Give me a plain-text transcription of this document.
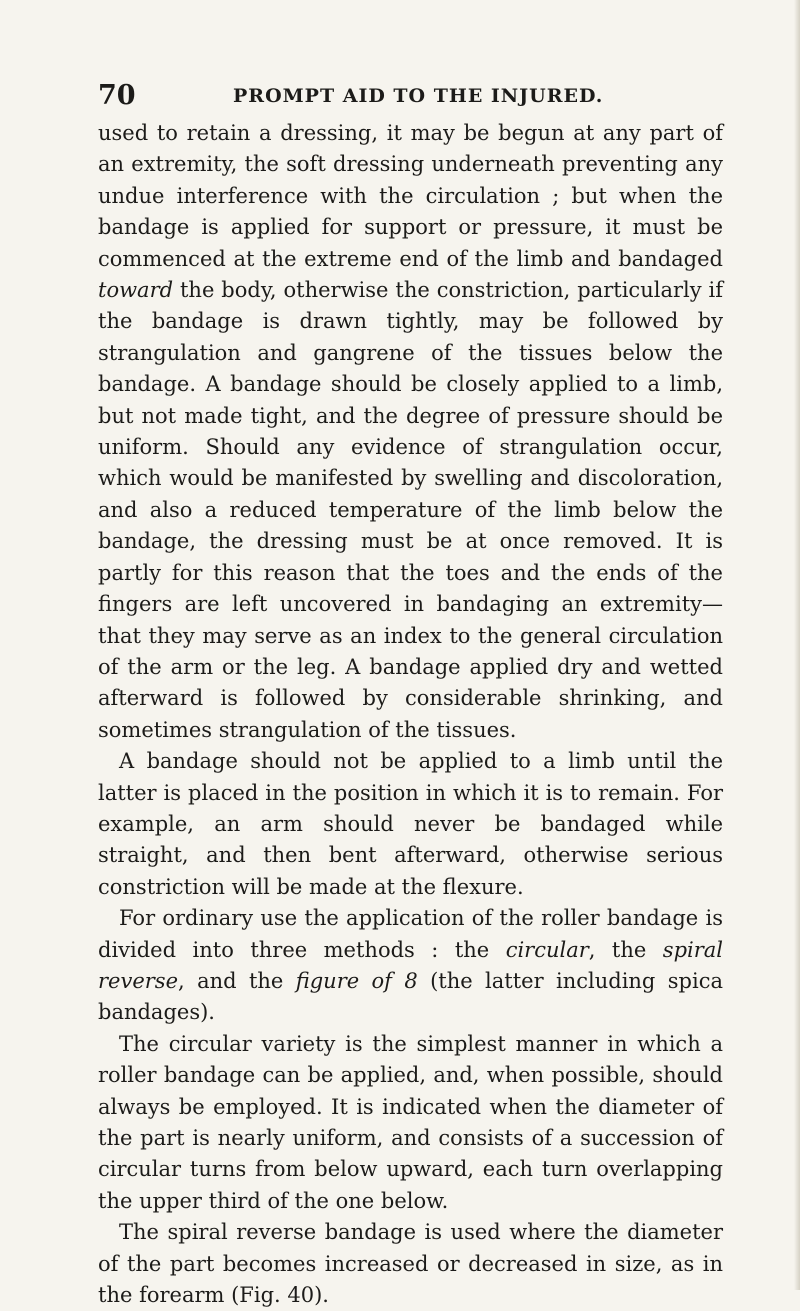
70	PROMPT AID TO THE INJURED.

used to retain a dressing, it may be begun at any part of an extremity, the soft dressing underneath preventing any undue interference with the circulation ; but when the bandage is applied for support or pressure, it must be commenced at the extreme end of the limb and bandaged toward the body, otherwise the constriction, particularly if the bandage is drawn tightly, may be followed by strangulation and gangrene of the tissues below the bandage. A bandage should be closely applied to a limb, but not made tight, and the degree of pressure should be uniform. Should any evidence of strangulation occur, which would be manifested by swelling and discoloration, and also a reduced temperature of the limb below the bandage, the dressing must be at once removed. It is partly for this reason that the toes and the ends of the fingers are left uncovered in bandaging an extremity—that they may serve as an index to the general circulation of the arm or the leg. A bandage applied dry and wetted afterward is followed by considerable shrinking, and sometimes strangulation of the tissues.

A bandage should not be applied to a limb until the latter is placed in the position in which it is to remain. For example, an arm should never be bandaged while straight, and then bent afterward, otherwise serious constriction will be made at the flexure.

For ordinary use the application of the roller bandage is divided into three methods : the circular, the spiral reverse, and the figure of 8 (the latter including spica bandages).

The circular variety is the simplest manner in which a roller bandage can be applied, and, when possible, should always be employed. It is indicated when the diameter of the part is nearly uniform, and consists of a succession of circular turns from below upward, each turn overlapping the upper third of the one below.

The spiral reverse bandage is used where the diameter of the part becomes increased or decreased in size, as in the forearm (Fig. 40).
